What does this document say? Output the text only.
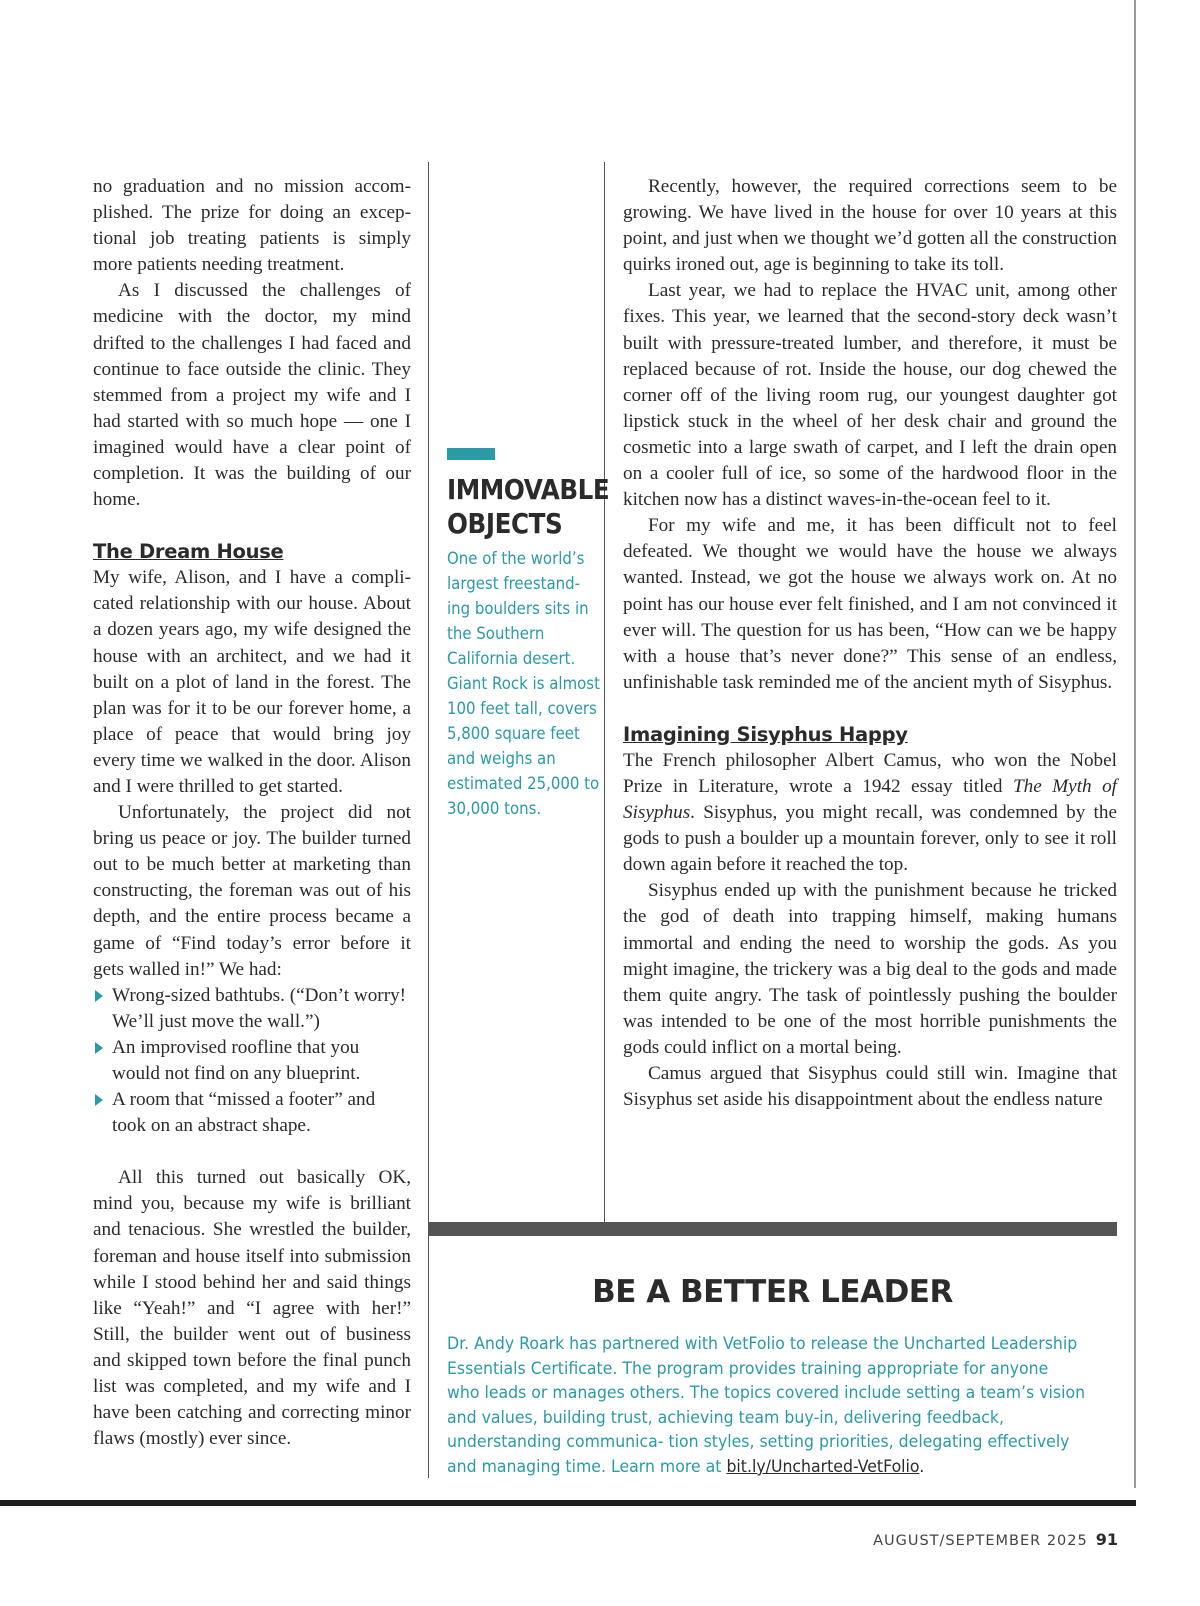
no graduation and no mission accomplished. The prize for doing an exceptional job treating patients is simply more patients needing treatment.

As I discussed the challenges of medicine with the doctor, my mind drifted to the challenges I had faced and continue to face outside the clinic. They stemmed from a project my wife and I had started with so much hope — one I imagined would have a clear point of completion. It was the building of our home.

The Dream House

My wife, Alison, and I have a complicated relationship with our house. About a dozen years ago, my wife designed the house with an architect, and we had it built on a plot of land in the forest. The plan was for it to be our forever home, a place of peace that would bring joy every time we walked in the door. Alison and I were thrilled to get started.

Unfortunately, the project did not bring us peace or joy. The builder turned out to be much better at marketing than constructing, the foreman was out of his depth, and the entire process became a game of “Find today’s error before it gets walled in!” We had:

Wrong-sized bathtubs. (“Don’t worry! We’ll just move the wall.”)
An improvised roofline that you would not find on any blueprint.
A room that “missed a footer” and took on an abstract shape.

All this turned out basically OK, mind you, because my wife is brilliant and tenacious. She wrestled the builder, foreman and house itself into submission while I stood behind her and said things like “Yeah!” and “I agree with her!” Still, the builder went out of business and skipped town before the final punch list was completed, and my wife and I have been catching and correcting minor flaws (mostly) ever since.

IMMOVABLE
OBJECTS

One of the world’s largest freestand‑ ing boulders sits in the Southern California desert. Giant Rock is almost 100 feet tall, covers 5,800 square feet and weighs an estimated 25,000 to 30,000 tons.

Recently, however, the required corrections seem to be growing. We have lived in the house for over 10 years at this point, and just when we thought we’d gotten all the construction quirks ironed out, age is beginning to take its toll.

Last year, we had to replace the HVAC unit, among other fixes. This year, we learned that the second-story deck wasn’t built with pressure-treated lumber, and therefore, it must be replaced because of rot. Inside the house, our dog chewed the corner off of the living room rug, our youngest daughter got lipstick stuck in the wheel of her desk chair and ground the cosmetic into a large swath of carpet, and I left the drain open on a cooler full of ice, so some of the hardwood floor in the kitchen now has a distinct waves-in-the-ocean feel to it.

For my wife and me, it has been difficult not to feel defeated. We thought we would have the house we always wanted. Instead, we got the house we always work on. At no point has our house ever felt finished, and I am not convinced it ever will. The question for us has been, “How can we be happy with a house that’s never done?” This sense of an endless, unfinishable task reminded me of the ancient myth of Sisyphus.

Imagining Sisyphus Happy

The French philosopher Albert Camus, who won the Nobel Prize in Literature, wrote a 1942 essay titled The Myth of Sisyphus. Sisyphus, you might recall, was condemned by the gods to push a boulder up a mountain forever, only to see it roll down again before it reached the top.

Sisyphus ended up with the punishment because he tricked the god of death into trapping himself, making humans immortal and ending the need to worship the gods. As you might imagine, the trickery was a big deal to the gods and made them quite angry. The task of pointlessly pushing the boulder was intended to be one of the most horrible punishments the gods could inflict on a mortal being.

Camus argued that Sisyphus could still win. Imagine that Sisyphus set aside his disappointment about the endless nature

BE A BETTER LEADER

Dr. Andy Roark has partnered with VetFolio to release the Uncharted Leadership Essentials Certificate. The program provides training appropriate for anyone who leads or manages others. The topics covered include setting a team’s vision and values, building trust, achieving team buy‑in, delivering feedback, understanding communica‑ tion styles, setting priorities, delegating effectively and managing time. Learn more at bit.ly/Uncharted-VetFolio.

AUGUST/SEPTEMBER 2025 91
